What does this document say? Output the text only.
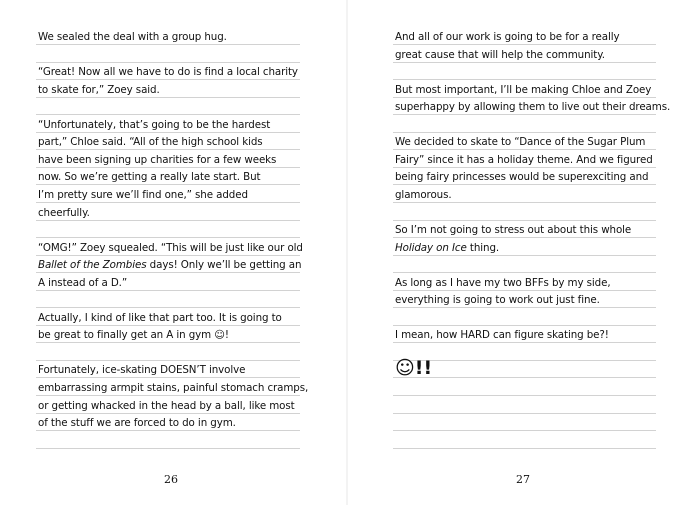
We sealed the deal with a group hug.
“Great! Now all we have to do is find a local charity
to skate for,” Zoey said.
“Unfortunately, that’s going to be the hardest
part,” Chloe said. “All of the high school kids
have been signing up charities for a few weeks
now. So we’re getting a really late start. But
I’m pretty sure we’ll find one,” she added
cheerfully.
“OMG!” Zoey squealed. “This will be just like our old
Ballet of the Zombies days! Only we’ll be getting an
A instead of a D.”
Actually, I kind of like that part too. It is going to
be great to finally get an A in gym ☺!
Fortunately, ice-skating DOESN’T involve
embarrassing armpit stains, painful stomach cramps,
or getting whacked in the head by a ball, like most
of the stuff we are forced to do in gym.
26
And all of our work is going to be for a really
great cause that will help the community.
But most important, I’ll be making Chloe and Zoey
superhappy by allowing them to live out their dreams.
We decided to skate to “Dance of the Sugar Plum
Fairy” since it has a holiday theme. And we figured
being fairy princesses would be superexciting and
glamorous.
So I’m not going to stress out about this whole
Holiday on Ice thing.
As long as I have my two BFFs by my side,
everything is going to work out just fine.
I mean, how HARD can figure skating be?!
27
☺!!
